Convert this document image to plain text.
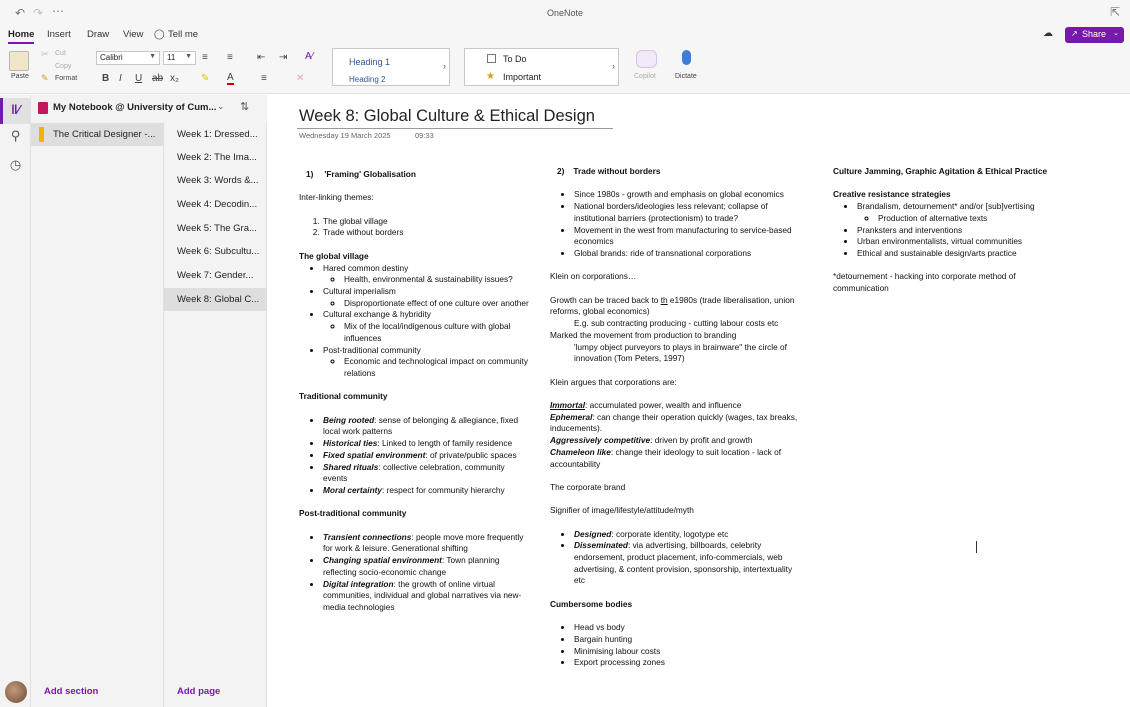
↶ ↷ ⋯	OneNote	⇱
Home Insert Draw View ◯ Tell me	☁ ↗ Share ⌄
Paste
Cut
Copy
Format
✂
✎
Calibri	▼	11 ▼ ≡ ≡ ⇤ ⇥ A∕
B I U ab x₂ ✎ A	≡	✕
Heading 1
Heading 2
›
To Do
★ Important
›
Copilot	Dictate
‖⁄
⚲
◷
My Notebook @ University of Cum... ⌄ ⇅
The Critical Designer -...
Add section
Week 1: Dressed...
Week 2: The Ima...
Week 3: Words &...
Week 4: Decodin...
Week 5: The Gra...
Week 6: Subcultu...
Week 7: Gender...
Week 8: Global C...
Add page
Week 8: Global Culture & Ethical Design
Wednesday 19 March 2025	09:33

1) 'Framing' Globalisation

Inter-linking themes:

1. The global village
2. Trade without borders

The global village

• Hared common destiny
◦ Health, environmental & sustainability issues?
• Cultural imperialism
◦ Disproportionate effect of one culture over another
• Cultural exchange & hybridity
◦ Mix of the local/indigenous culture with global influences
• Post-traditional community
◦ Economic and technological impact on community relations

Traditional community

• Being rooted: sense of belonging & allegiance, fixed local work patterns
• Historical ties: Linked to length of family residence
• Fixed spatial environment: of private/public spaces
• Shared rituals: collective celebration, community events
• Moral certainty: respect for community hierarchy

Post-traditional community

• Transient connections: people move more frequently for work & leisure. Generational shifting
• Changing spatial environment: Town planning reflecting socio-economic change
• Digital integration: the growth of online virtual communities, individual and global narratives via new-media technologies

2) Trade without borders

• Since 1980s - growth and emphasis on global economics
• National borders/ideologies less relevant; collapse of institutional barriers (protectionism) to trade?
• Movement in the west from manufacturing to service-based economics
• Global brands: ride of transnational corporations

Klein on corporations…

Growth can be traced back to th e1980s (trade liberalisation, union reforms, global economics)

E.g. sub contracting producing - cutting labour costs etc

Marked the movement from production to branding

'lumpy object purveyors to plays in brainware" the circle of innovation (Tom Peters, 1997)

Klein argues that corporations are:

Immortal: accumulated power, wealth and influence

Ephemeral: can change their operation quickly (wages, tax breaks, inducements).

Aggressively competitive: driven by profit and growth

Chameleon like: change their ideology to suit location - lack of accountability

The corporate brand

Signifier of image/lifestyle/attitude/myth

• Designed: corporate identity, logotype etc
• Disseminated: via advertising, billboards, celebrity endorsement, product placement, info-commercials, web advertising, & content provision, sponsorship, intertextuality etc

Cumbersome bodies

• Head vs body
• Bargain hunting
• Minimising labour costs
• Export processing zones

Culture Jamming, Graphic Agitation & Ethical Practice

Creative resistance strategies

• Brandalism, detournement* and/or [sub]vertising
◦ Production of alternative texts
• Pranksters and interventions
• Urban environmentalists, virtual communities
• Ethical and sustainable design/arts practice

*detournement - hacking into corporate method of communication
